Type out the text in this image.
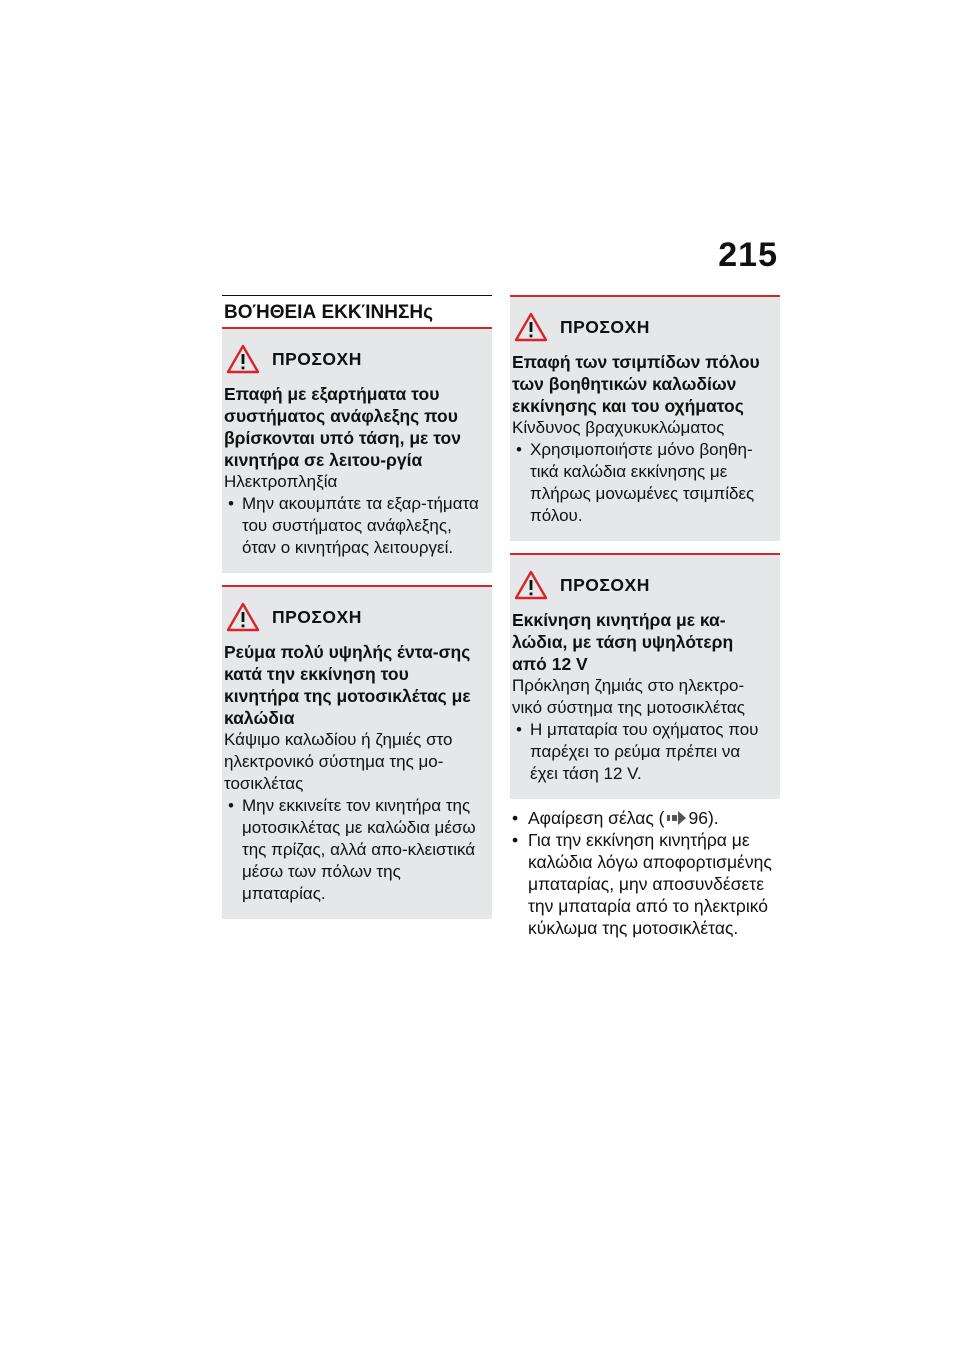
215
ΒΟΉΘΕΙΑ ΕΚΚΊΝΗΣΗς
ΠΡΟΣΟΧΗ
Επαφή με εξαρτήματα του συστήματος ανάφλεξης που βρίσκονται υπό τάση, με τον κινητήρα σε λειτου-ργία
Ηλεκτροπληξία
• Μην ακουμπάτε τα εξαρ-τήματα του συστήματος ανάφλεξης, όταν ο κινητήρας λειτουργεί.
ΠΡΟΣΟΧΗ
Ρεύμα πολύ υψηλής έντα-σης κατά την εκκίνηση του κινητήρα της μοτοσικλέτας με καλώδια
Κάψιμο καλωδίου ή ζημιές στο ηλεκτρονικό σύστημα της μο-τοσικλέτας
• Μην εκκινείτε τον κινητήρα της μοτοσικλέτας με καλώδια μέσω της πρίζας, αλλά απο-κλειστικά μέσω των πόλων της μπαταρίας.
ΠΡΟΣΟΧΗ
Επαφή των τσιμπίδων πόλου των βοηθητικών καλωδίων εκκίνησης και του οχήματος
Κίνδυνος βραχυκυκλώματος
• Χρησιμοποιήστε μόνο βοηθη-τικά καλώδια εκκίνησης με πλήρως μονωμένες τσιμπίδες πόλου.
ΠΡΟΣΟΧΗ
Εκκίνηση κινητήρα με κα-λώδια, με τάση υψηλότερη από 12 V
Πρόκληση ζημιάς στο ηλεκτρο-νικό σύστημα της μοτοσικλέτας
• Η μπαταρία του οχήματος που παρέχει το ρεύμα πρέπει να έχει τάση 12 V.
• Αφαίρεση σέλας ( 96).
• Για την εκκίνηση κινητήρα με καλώδια λόγω αποφορτισμένης μπαταρίας, μην αποσυνδέσετε την μπαταρία από το ηλεκτρικό κύκλωμα της μοτοσικλέτας.
